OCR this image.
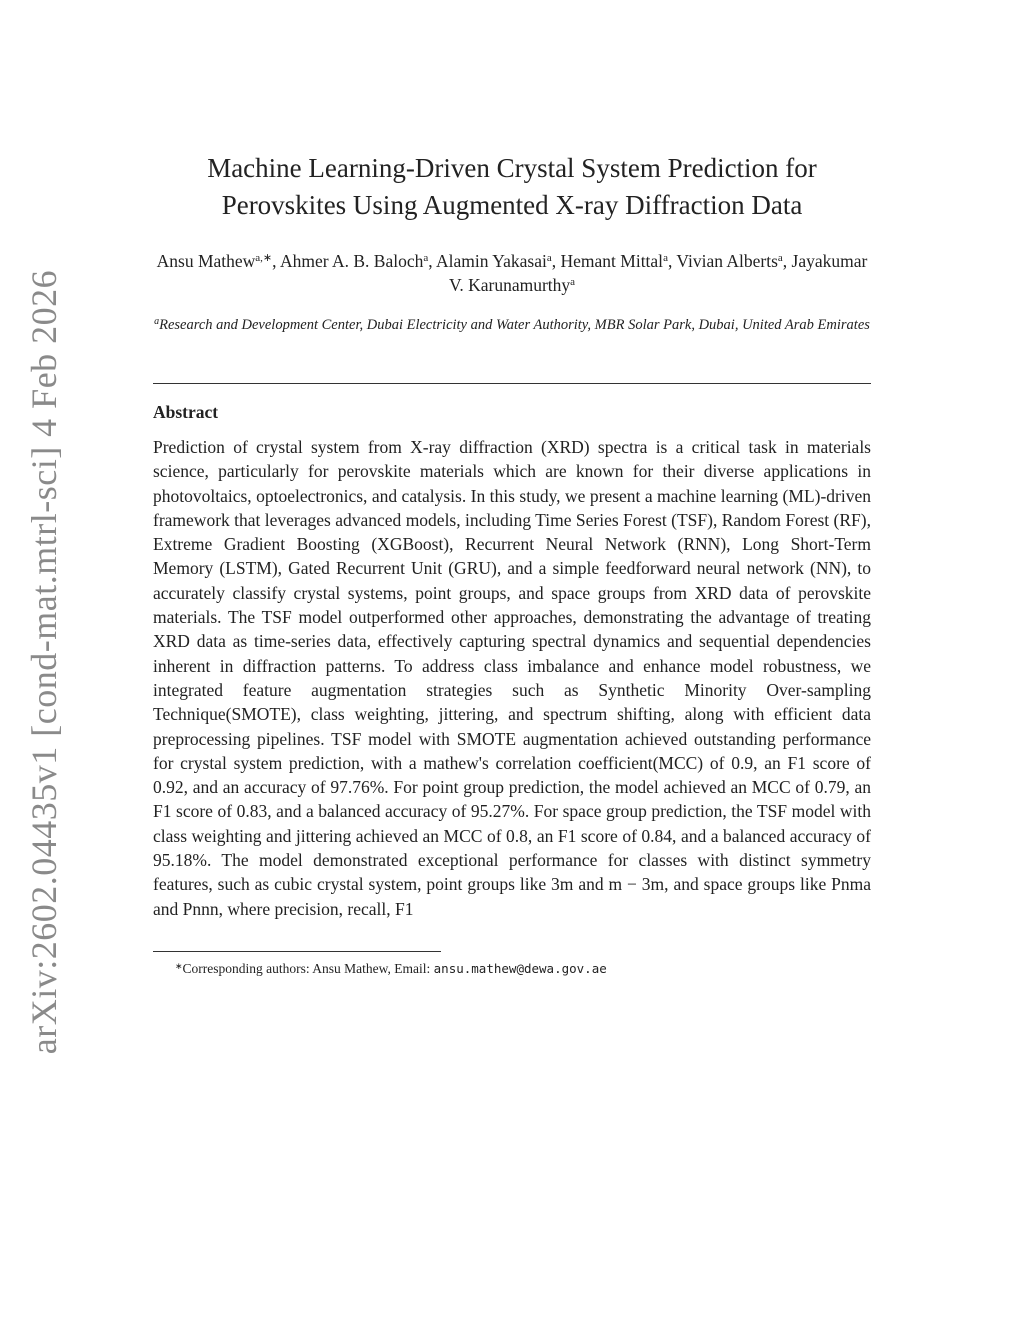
arXiv:2602.04435v1 [cond-mat.mtrl-sci] 4 Feb 2026
Machine Learning-Driven Crystal System Prediction for
Perovskites Using Augmented X-ray Diffraction Data
Ansu Mathew$^{a,∗}$, Ahmer A. B. Baloch$^a$, Alamin Yakasai$^a$, Hemant Mittal$^a$, Vivian Alberts$^a$, Jayakumar V. Karunamurthy$^a$
$^a$Research and Development Center, Dubai Electricity and Water Authority, MBR Solar Park, Dubai, United Arab Emirates
Abstract
Prediction of crystal system from X-ray diffraction (XRD) spectra is a critical task in materials science, particularly for perovskite materials which are known for their diverse applications in photovoltaics, optoelectronics, and catalysis. In this study, we present a machine learning (ML)-driven framework that leverages advanced models, including Time Series Forest (TSF), Random Forest (RF), Extreme Gradient Boosting (XGBoost), Recurrent Neural Network (RNN), Long Short-Term Memory (LSTM), Gated Recurrent Unit (GRU), and a simple feedforward neural network (NN), to accurately classify crystal systems, point groups, and space groups from XRD data of perovskite materials. The TSF model outperformed other approaches, demonstrating the advantage of treating XRD data as time-series data, effectively capturing spectral dynamics and sequential dependencies inherent in diffraction patterns. To address class imbalance and enhance model robustness, we integrated feature augmentation strategies such as Synthetic Minority Over-sampling Technique(SMOTE), class weighting, jittering, and spectrum shifting, along with efficient data preprocessing pipelines. TSF model with SMOTE augmentation achieved outstanding performance for crystal system prediction, with a mathew's correlation coefficient(MCC) of 0.9, an F1 score of 0.92, and an accuracy of 97.76%. For point group prediction, the model achieved an MCC of 0.79, an F1 score of 0.83, and a balanced accuracy of 95.27%. For space group prediction, the TSF model with class weighting and jittering achieved an MCC of 0.8, an F1 score of 0.84, and a balanced accuracy of 95.18%. The model demonstrated exceptional performance for classes with distinct symmetry features, such as cubic crystal system, point groups like 3m and m − 3m, and space groups like Pnma and Pnnn, where precision, recall, F1
∗Corresponding authors: Ansu Mathew, Email: ansu.mathew@dewa.gov.ae
